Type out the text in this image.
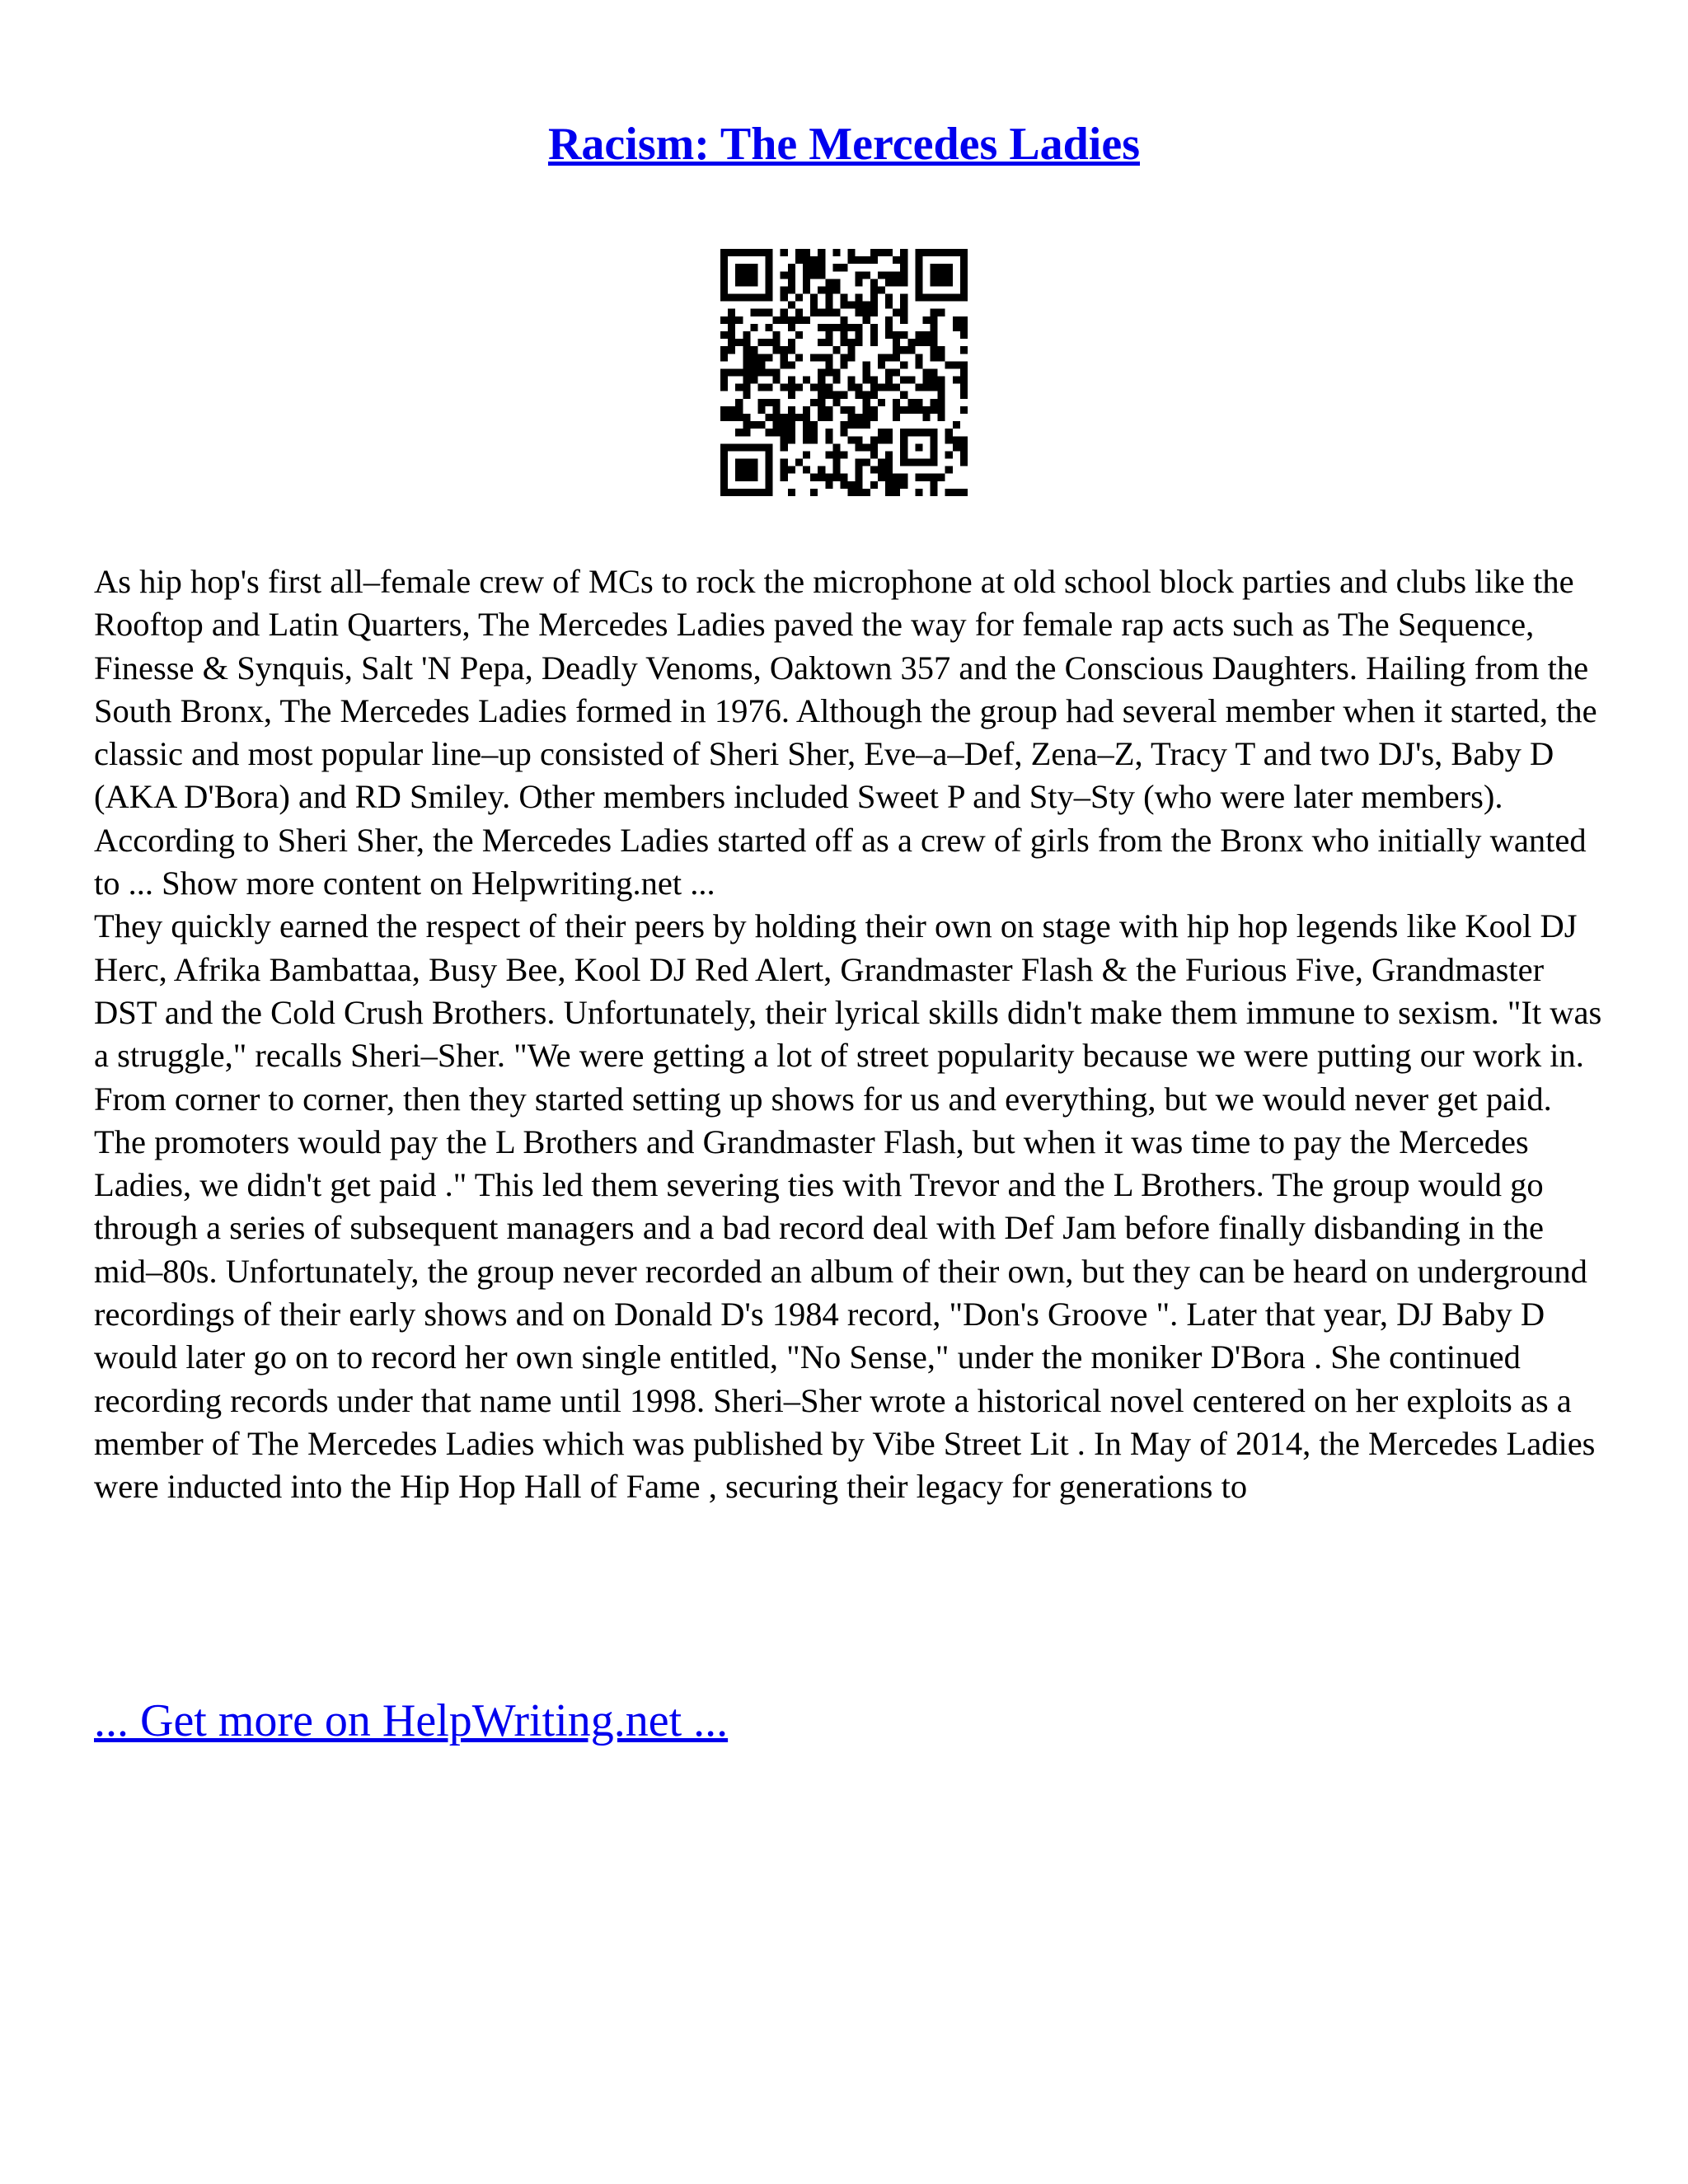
Racism: The Mercedes Ladies

As hip hop's first all–female crew of MCs to rock the microphone at old school block parties and clubs like the Rooftop and Latin Quarters, The Mercedes Ladies paved the way for female rap acts such as The Sequence, Finesse & Synquis, Salt 'N Pepa, Deadly Venoms, Oaktown 357 and the Conscious Daughters. Hailing from the South Bronx, The Mercedes Ladies formed in 1976. Although the group had several member when it started, the classic and most popular line–up consisted of Sheri Sher, Eve–a–Def, Zena–Z, Tracy T and two DJ's, Baby D (AKA D'Bora) and RD Smiley. Other members included Sweet P and Sty–Sty (who were later members). According to Sheri Sher, the Mercedes Ladies started off as a crew of girls from the Bronx who initially wanted to ... Show more content on Helpwriting.net ...

They quickly earned the respect of their peers by holding their own on stage with hip hop legends like Kool DJ Herc, Afrika Bambattaa, Busy Bee, Kool DJ Red Alert, Grandmaster Flash & the Furious Five, Grandmaster DST and the Cold Crush Brothers. Unfortunately, their lyrical skills didn't make them immune to sexism. "It was a struggle," recalls Sheri–Sher. "We were getting a lot of street popularity because we were putting our work in. From corner to corner, then they started setting up shows for us and everything, but we would never get paid. The promoters would pay the L Brothers and Grandmaster Flash, but when it was time to pay the Mercedes Ladies, we didn't get paid ." This led them severing ties with Trevor and the L Brothers. The group would go through a series of subsequent managers and a bad record deal with Def Jam before finally disbanding in the mid–80s. Unfortunately, the group never recorded an album of their own, but they can be heard on underground recordings of their early shows and on Donald D's 1984 record, "Don's Groove ". Later that year, DJ Baby D would later go on to record her own single entitled, "No Sense," under the moniker D'Bora . She continued recording records under that name until 1998. Sheri–Sher wrote a historical novel centered on her exploits as a member of The Mercedes Ladies which was published by Vibe Street Lit . In May of 2014, the Mercedes Ladies were inducted into the Hip Hop Hall of Fame , securing their legacy for generations to

... Get more on HelpWriting.net ...
